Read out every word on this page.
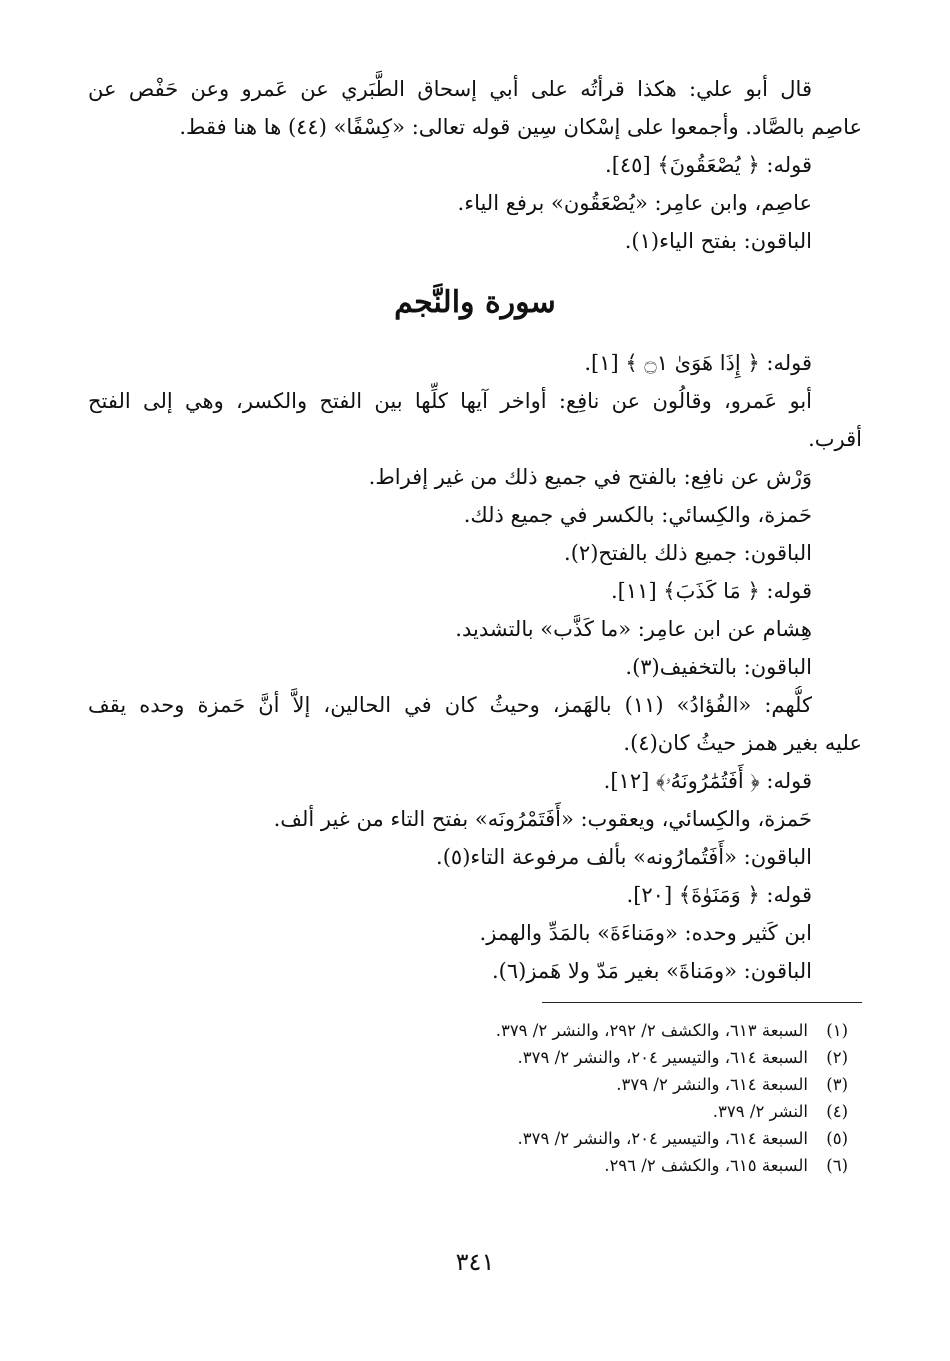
قال أبو علي: هكذا قرأتُه على أبي إسحاق الطَّبَري عن عَمرو وعن حَفْص عن
عاصِم بالصَّاد. وأجمعوا على إسْكان سِين قوله تعالى: «كِسْفًا» (٤٤) ها هنا فقط.
قوله: ﴿ يُصْعَقُونَ﴾ [٤٥].
عاصِم، وابن عامِر: «يُصْعَقُون» برفع الياء.
الباقون: بفتح الياء(١).
سورة والنَّجم
قوله: ﴿ إِذَا هَوَىٰ ۝١ ﴾ [١].
أبو عَمرو، وقالُون عن نافِع: أواخر آيها كلِّها بين الفتح والكسر، وهي إلى الفتح
أقرب.
وَرْش عن نافِع: بالفتح في جميع ذلك من غير إفراط.
حَمزة، والكِسائي: بالكسر في جميع ذلك.
الباقون: جميع ذلك بالفتح(٢).
قوله: ﴿ مَا كَذَبَ﴾ [١١].
هِشام عن ابن عامِر: «ما كَذَّب» بالتشديد.
الباقون: بالتخفيف(٣).
كلُّهم: «الفُؤادُ» (١١) بالهَمز، وحيثُ كان في الحالين، إلاَّ أنَّ حَمزة وحده يقف
عليه بغير همز حيثُ كان(٤).
قوله: ﴿ أَفَتُمَٰرُونَهُۥ﴾ [١٢].
حَمزة، والكِسائي، ويعقوب: «أَفَتَمْرُونَه» بفتح التاء من غير ألف.
الباقون: «أَفَتُمارُونه» بألف مرفوعة التاء(٥).
قوله: ﴿ وَمَنَوٰةَ﴾ [٢٠].
ابن كَثير وحده: «ومَناءَةَ» بالمَدِّ والهمز.
الباقون: «ومَناةَ» بغير مَدّ ولا هَمز(٦).
(١)
السبعة ٦١٣، والكشف ٢/ ٢٩٢، والنشر ٢/ ٣٧٩.
(٢)
السبعة ٦١٤، والتيسير ٢٠٤، والنشر ٢/ ٣٧٩.
(٣)
السبعة ٦١٤، والنشر ٢/ ٣٧٩.
(٤)
النشر ٢/ ٣٧٩.
(٥)
السبعة ٦١٤، والتيسير ٢٠٤، والنشر ٢/ ٣٧٩.
(٦)
السبعة ٦١٥، والكشف ٢/ ٢٩٦.
٣٤١
